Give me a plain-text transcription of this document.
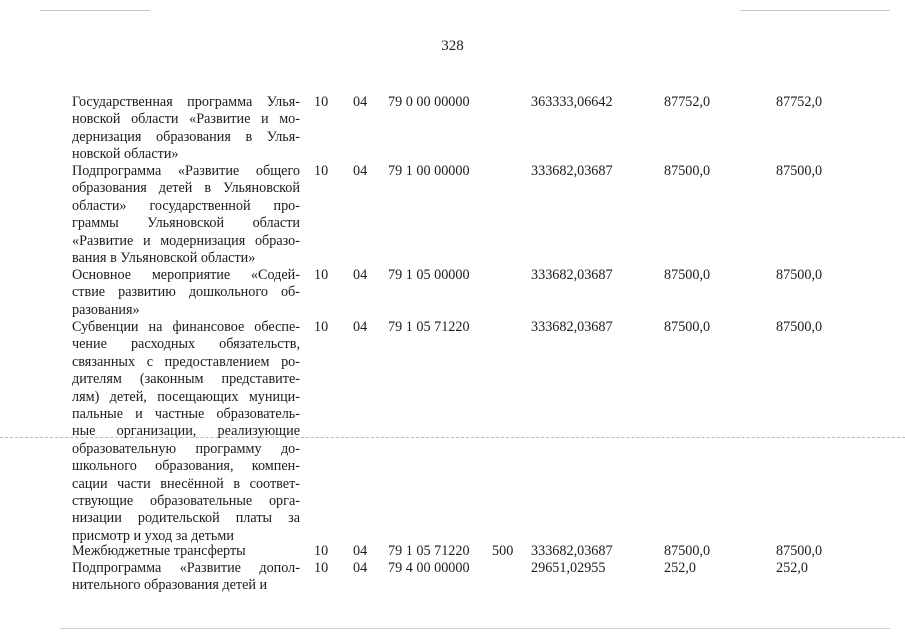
328
Государственная программа Улья-
новской области «Развитие и мо-
дернизация образования в Улья-
новской области»
10 04 79 0 00 00000	363333,06642	87752,0	87752,0
Подпрограмма «Развитие общего
образования детей в Ульяновской
области» государственной про-
граммы Ульяновской области
«Развитие и модернизация образо-
вания в Ульяновской области»
10 04 79 1 00 00000	333682,03687	87500,0	87500,0
Основное мероприятие «Содей-
ствие развитию дошкольного об-
разования»
10 04 79 1 05 00000	333682,03687	87500,0	87500,0
Субвенции на финансовое обеспе-
чение расходных обязательств,
связанных с предоставлением ро-
дителям (законным представите-
лям) детей, посещающих муници-
пальные и частные образователь-
ные организации, реализующие
образовательную программу до-
школьного образования, компен-
сации части внесённой в соответ-
ствующие образовательные орга-
низации родительской платы за
присмотр и уход за детьми
10 04 79 1 05 71220	333682,03687	87500,0	87500,0
Межбюджетные трансферты	10 04 79 1 05 71220 500 333682,03687	87500,0	87500,0
Подпрограмма «Развитие допол-
нительного образования детей и
10 04 79 4 00 00000	29651,02955	252,0	252,0
